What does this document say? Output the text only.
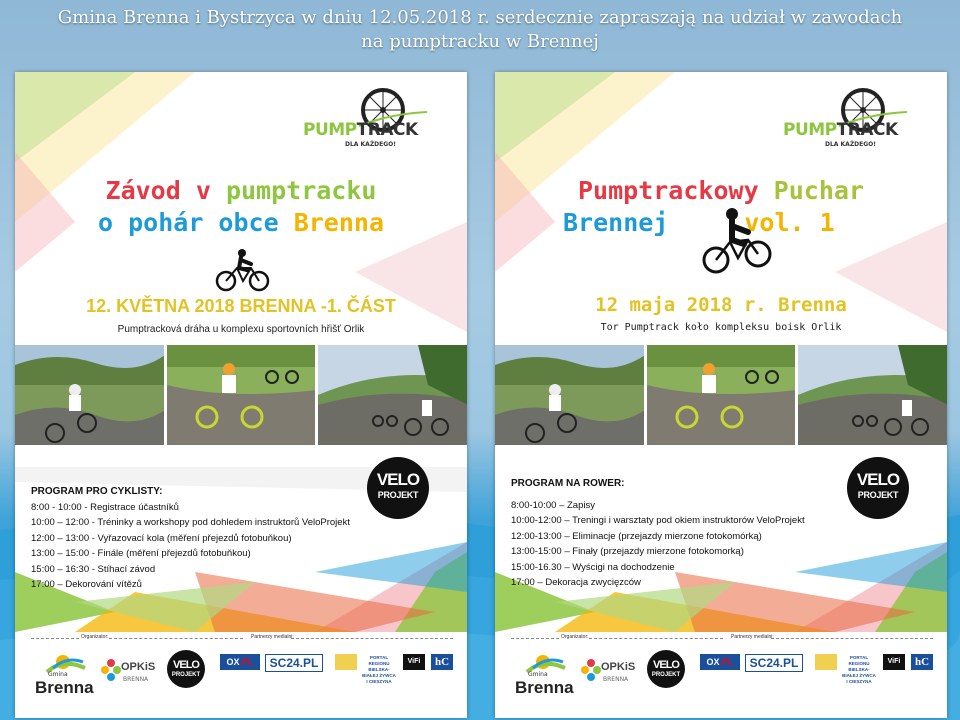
Gmina Brenna i Bystrzyca w dniu 12.05.2018 r. serdecznie zapraszają na udział w zawodach
na pumptracku w Brennej
PUMPTRACK
DLA KAŻDEGO!
Závod v pumptracku
o pohár obce Brenna
12. KVĚTNA 2018 BRENNA -1. ČÁST
Pumptracková dráha u komplexu sportovních hřišť Orlik
VELO
PROJEKT
PROGRAM PRO CYKLISTY:
8:00 - 10:00 - Registrace účastníků
10:00 – 12:00 - Tréninky a workshopy pod dohledem instruktorů VeloProjekt
12:00 – 13:00 - Vyřazovací kola (měření přejezdů fotobuňkou)
13:00 – 15:00 - Finále (měření přejezdů fotobuňkou)
15:00 – 16:30 - Stíhací závod
17:00 – Dekorování vítězů
Organizator:	Partnerzy medialni:
Gmina
Brenna
OPKiS
BRENNA
VELO
PROJEKT
OX.PL	SC24.PL	PORTAL REGIONU BIELSKA-BIAŁEJ ŻYWCA I CIESZYNA
ViFi	hC
PUMPTRACK
DLA KAŻDEGO!
Pumptrackowy Puchar
Brennej	vol. 1
12 maja 2018 r. Brenna
Tor Pumptrack koło kompleksu boisk Orlik
VELO
PROJEKT
PROGRAM NA ROWER:
8:00-10:00 – Zapisy
10:00-12:00 – Treningi i warsztaty pod okiem instruktorów VeloProjekt
12:00-13:00 – Eliminacje (przejazdy mierzone fotokomórką)
13:00-15:00 – Finały (przejazdy mierzone fotokomorką)
15:00-16.30 – Wyścigi na dochodzenie
17:00 – Dekoracja zwycięzców
Organizator:	Partnerzy medialni:
Gmina
Brenna
OPKiS
BRENNA
VELO
PROJEKT
OX.PL	SC24.PL	PORTAL REGIONU BIELSKA-BIAŁEJ ŻYWCA I CIESZYNA
ViFi	hC
